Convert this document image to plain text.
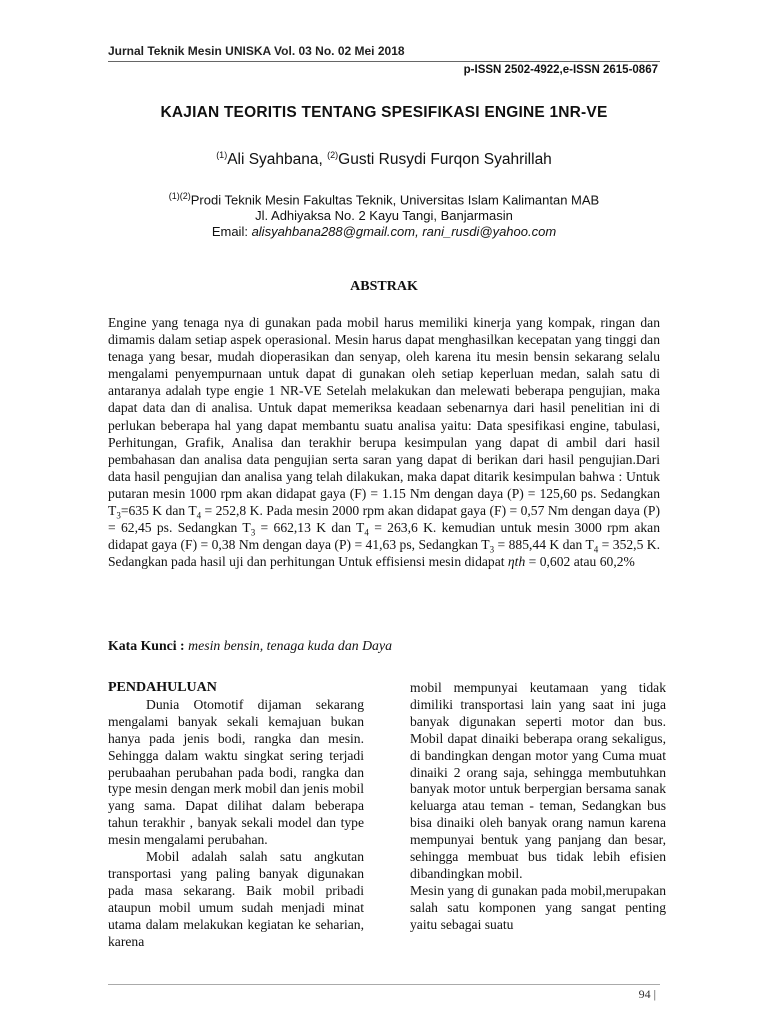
Jurnal Teknik Mesin UNISKA Vol. 03 No. 02 Mei 2018
p-ISSN 2502-4922,e-ISSN 2615-0867
KAJIAN TEORITIS TENTANG SPESIFIKASI ENGINE 1NR-VE
$^{(1)}$Ali Syahbana, $^{(2)}$Gusti Rusydi Furqon Syahrillah
$^{(1)(2)}$Prodi Teknik Mesin Fakultas Teknik, Universitas Islam Kalimantan MAB
Jl. Adhiyaksa No. 2 Kayu Tangi, Banjarmasin
Email: alisyahbana288@gmail.com, rani_rusdi@yahoo.com
ABSTRAK
Engine yang tenaga nya di gunakan pada mobil harus memiliki kinerja yang kompak, ringan dan dimamis dalam setiap aspek operasional. Mesin harus dapat menghasilkan kecepatan yang tinggi dan tenaga yang besar, mudah dioperasikan dan senyap, oleh karena itu mesin bensin sekarang selalu mengalami penyempurnaan untuk dapat di gunakan oleh setiap keperluan medan, salah satu di antaranya adalah type engie 1 NR-VE Setelah melakukan dan melewati beberapa pengujian, maka dapat data dan di analisa. Untuk dapat memeriksa keadaan sebenarnya dari hasil penelitian ini di perlukan beberapa hal yang dapat membantu suatu analisa yaitu: Data spesifikasi engine, tabulasi, Perhitungan, Grafik, Analisa dan terakhir berupa kesimpulan yang dapat di ambil dari hasil pembahasan dan analisa data pengujian serta saran yang dapat di berikan dari hasil pengujian.Dari data hasil pengujian dan analisa yang telah dilakukan, maka dapat ditarik kesimpulan bahwa : Untuk putaran mesin 1000 rpm akan didapat gaya (F) = 1.15 Nm dengan daya (P) = 125,60 ps. Sedangkan $T_3=635$ K dan $T_4 = 252,8$ K. Pada mesin 2000 rpm akan didapat gaya (F) = 0,57 Nm dengan daya (P) = 62,45 ps. Sedangkan $T_3 = 662,13$ K dan $T_4 = 263,6$ K. kemudian untuk mesin 3000 rpm akan didapat gaya (F) = 0,38 Nm dengan daya (P) = 41,63 ps, Sedangkan $T_3 = 885,44$ K dan $T_4 = 352,5$ K. Sedangkan pada hasil uji dan perhitungan Untuk effisiensi mesin didapat ηth = 0,602 atau 60,2%
Kata Kunci : mesin bensin, tenaga kuda dan Daya

PENDAHULUAN

Dunia Otomotif dijaman sekarang mengalami banyak sekali kemajuan bukan hanya pada jenis bodi, rangka dan mesin. Sehingga dalam waktu singkat sering terjadi perubaahan perubahan pada bodi, rangka dan type mesin dengan merk mobil dan jenis mobil yang sama. Dapat dilihat dalam beberapa tahun terakhir , banyak sekali model dan type mesin mengalami perubahan.

Mobil adalah salah satu angkutan transportasi yang paling banyak digunakan pada masa sekarang. Baik mobil pribadi ataupun mobil umum sudah menjadi minat utama dalam melakukan kegiatan ke seharian, karena

mobil mempunyai keutamaan yang tidak dimiliki transportasi lain yang saat ini juga banyak digunakan seperti motor dan bus. Mobil dapat dinaiki beberapa orang sekaligus, di bandingkan dengan motor yang Cuma muat dinaiki 2 orang saja, sehingga membutuhkan banyak motor untuk berpergian bersama sanak keluarga atau teman - teman, Sedangkan bus bisa dinaiki oleh banyak orang namun karena mempunyai bentuk yang panjang dan besar, sehingga membuat bus tidak lebih efisien dibandingkan mobil.

Mesin yang di gunakan pada mobil,merupakan salah satu komponen yang sangat penting yaitu sebagai suatu

94 |
